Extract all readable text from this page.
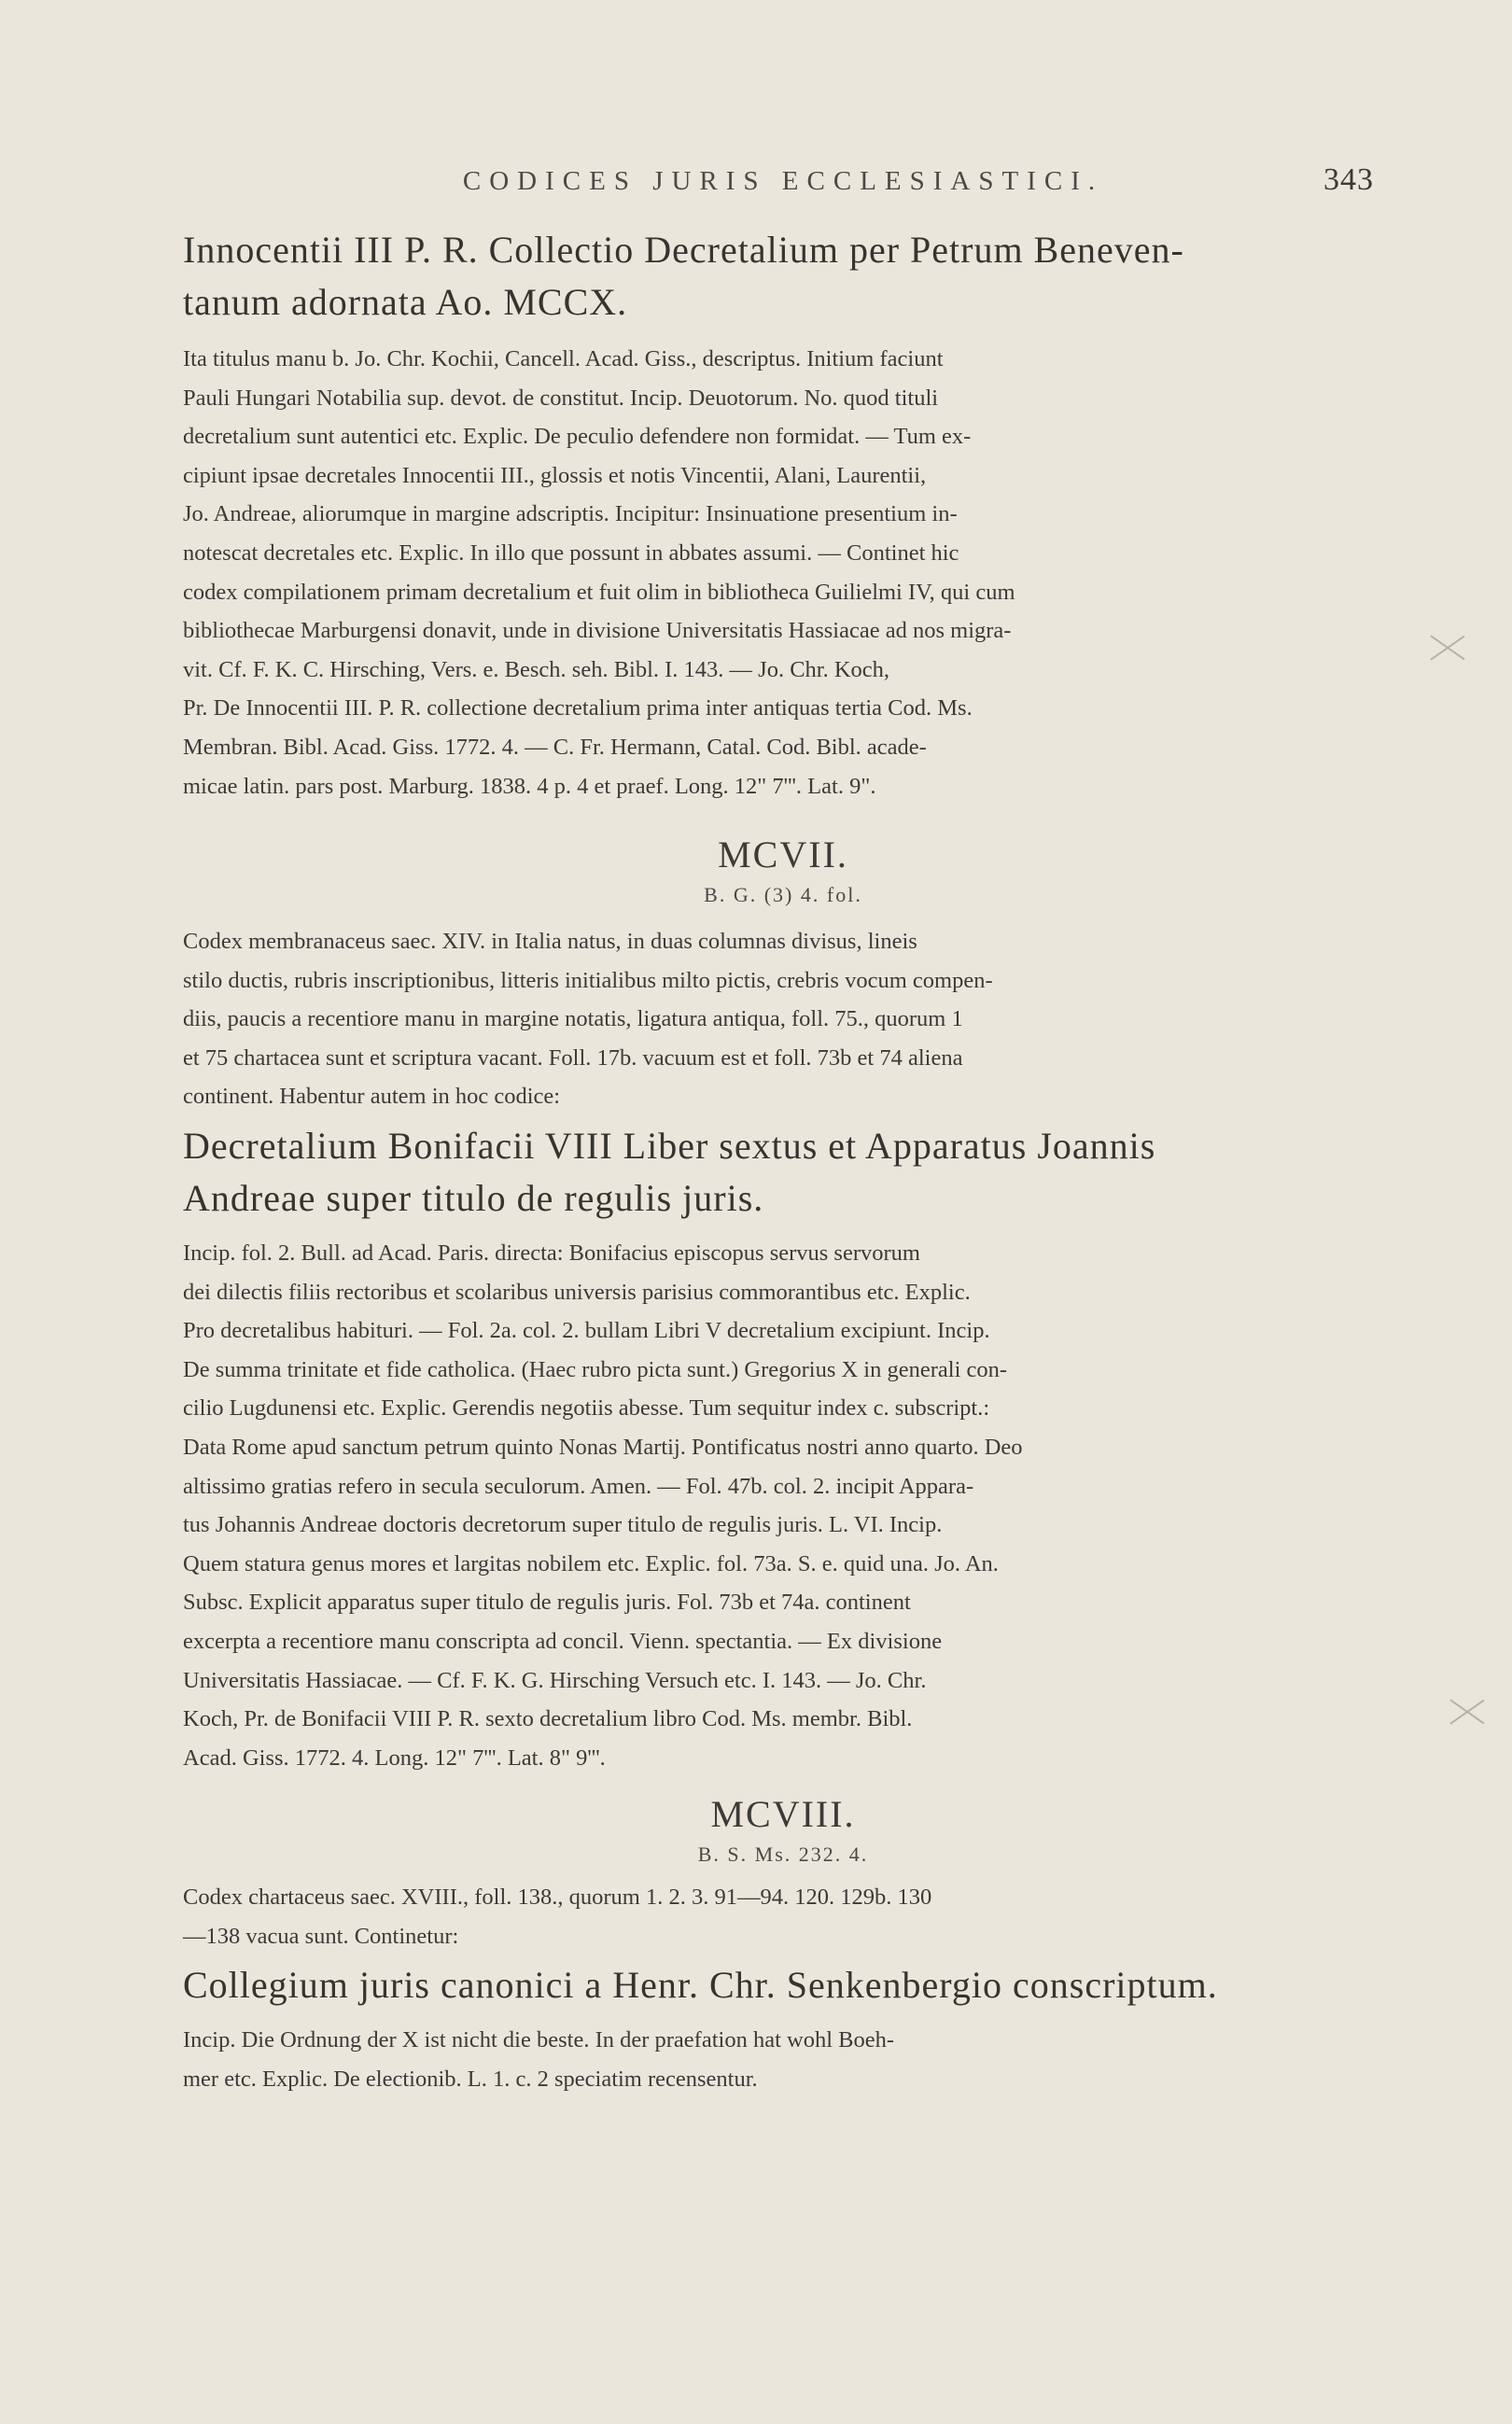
CODICES JURIS ECCLESIASTICI.	343
Innocentii III P. R. Collectio Decretalium per Petrum Beneven-
tanum adornata Ao. MCCX.

Ita titulus manu b. Jo. Chr. Kochii, Cancell. Acad. Giss., descriptus. Initium faciunt
Pauli Hungari Notabilia sup. devot. de constitut. Incip. Deuotorum. No. quod tituli
decretalium sunt autentici etc. Explic. De peculio defendere non formidat. — Tum ex-
cipiunt ipsae decretales Innocentii III., glossis et notis Vincentii, Alani, Laurentii,
Jo. Andreae, aliorumque in margine adscriptis. Incipitur: Insinuatione presentium in-
notescat decretales etc. Explic. In illo que possunt in abbates assumi. — Continet hic
codex compilationem primam decretalium et fuit olim in bibliotheca Guilielmi IV, qui cum
bibliothecae Marburgensi donavit, unde in divisione Universitatis Hassiacae ad nos migra-
vit. Cf. F. K. C. Hirsching, Vers. e. Besch. seh. Bibl. I. 143. — Jo. Chr. Koch,
Pr. De Innocentii III. P. R. collectione decretalium prima inter antiquas tertia Cod. Ms.
Membran. Bibl. Acad. Giss. 1772. 4. — C. Fr. Hermann, Catal. Cod. Bibl. acade-
micae latin. pars post. Marburg. 1838. 4 p. 4 et praef. Long. 12" 7'''. Lat. 9".

MCVII.
B. G. (3) 4. fol.

Codex membranaceus saec. XIV. in Italia natus, in duas columnas divisus, lineis
stilo ductis, rubris inscriptionibus, litteris initialibus milto pictis, crebris vocum compen-
diis, paucis a recentiore manu in margine notatis, ligatura antiqua, foll. 75., quorum 1
et 75 chartacea sunt et scriptura vacant. Foll. 17b. vacuum est et foll. 73b et 74 aliena
continent. Habentur autem in hoc codice:

Decretalium Bonifacii VIII Liber sextus et Apparatus Joannis
Andreae super titulo de regulis juris.

Incip. fol. 2. Bull. ad Acad. Paris. directa: Bonifacius episcopus servus servorum
dei dilectis filiis rectoribus et scolaribus universis parisius commorantibus etc. Explic.
Pro decretalibus habituri. — Fol. 2a. col. 2. bullam Libri V decretalium excipiunt. Incip.
De summa trinitate et fide catholica. (Haec rubro picta sunt.) Gregorius X in generali con-
cilio Lugdunensi etc. Explic. Gerendis negotiis abesse. Tum sequitur index c. subscript.:
Data Rome apud sanctum petrum quinto Nonas Martij. Pontificatus nostri anno quarto. Deo
altissimo gratias refero in secula seculorum. Amen. — Fol. 47b. col. 2. incipit Appara-
tus Johannis Andreae doctoris decretorum super titulo de regulis juris. L. VI. Incip.
Quem statura genus mores et largitas nobilem etc. Explic. fol. 73a. S. e. quid una. Jo. An.
Subsc. Explicit apparatus super titulo de regulis juris. Fol. 73b et 74a. continent
excerpta a recentiore manu conscripta ad concil. Vienn. spectantia. — Ex divisione
Universitatis Hassiacae. — Cf. F. K. G. Hirsching Versuch etc. I. 143. — Jo. Chr.
Koch, Pr. de Bonifacii VIII P. R. sexto decretalium libro Cod. Ms. membr. Bibl.
Acad. Giss. 1772. 4. Long. 12" 7'''. Lat. 8" 9'''.

MCVIII.
B. S. Ms. 232. 4.

Codex chartaceus saec. XVIII., foll. 138., quorum 1. 2. 3. 91—94. 120. 129b. 130
—138 vacua sunt. Continetur:

Collegium juris canonici a Henr. Chr. Senkenbergio conscriptum.

Incip. Die Ordnung der X ist nicht die beste. In der praefation hat wohl Boeh-
mer etc. Explic. De electionib. L. 1. c. 2 speciatim recensentur.
